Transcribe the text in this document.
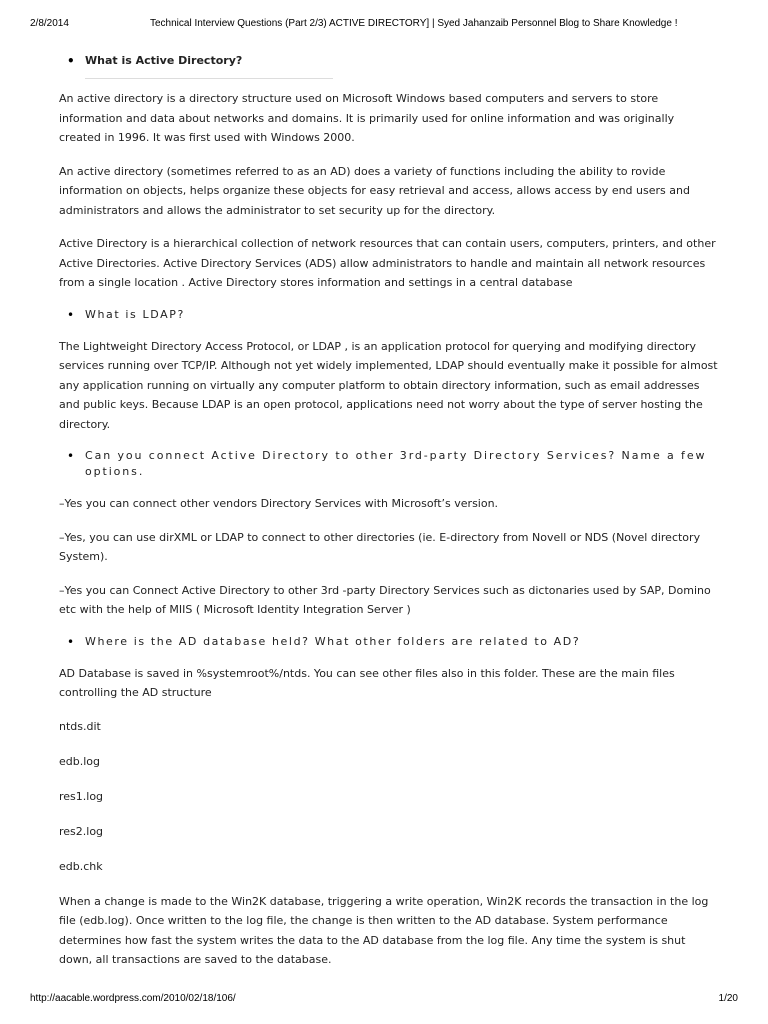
2/8/2014	Technical Interview Questions (Part 2/3) ACTIVE DIRECTORY] | Syed Jahanzaib Personnel Blog to Share Knowledge !
• What is Active Directory?

An active directory is a directory structure used on Microsoft Windows based computers and servers to store information and data about networks and domains. It is primarily used for online information and was originally created in 1996. It was first used with Windows 2000.

An active directory (sometimes referred to as an AD) does a variety of functions including the ability to rovide information on objects, helps organize these objects for easy retrieval and access, allows access by end users and administrators and allows the administrator to set security up for the directory.

Active Directory is a hierarchical collection of network resources that can contain users, computers, printers, and other Active Directories. Active Directory Services (ADS) allow administrators to handle and maintain all network resources from a single location . Active Directory stores information and settings in a central database

• What is LDAP?

The Lightweight Directory Access Protocol, or LDAP , is an application protocol for querying and modifying directory services running over TCP/IP. Although not yet widely implemented, LDAP should eventually make it possible for almost any application running on virtually any computer platform to obtain directory information, such as email addresses and public keys. Because LDAP is an open protocol, applications need not worry about the type of server hosting the directory.

• Can you connect Active Directory to other 3rd-party Directory Services? Name a few options.

–Yes you can connect other vendors Directory Services with Microsoft’s version.

–Yes, you can use dirXML or LDAP to connect to other directories (ie. E-directory from Novell or NDS (Novel directory System).

–Yes you can Connect Active Directory to other 3rd -party Directory Services such as dictonaries used by SAP, Domino etc with the help of MIIS ( Microsoft Identity Integration Server )

• Where is the AD database held? What other folders are related to AD?

AD Database is saved in %systemroot%/ntds. You can see other files also in this folder. These are the main files controlling the AD structure

ntds.dit

edb.log

res1.log

res2.log

edb.chk

When a change is made to the Win2K database, triggering a write operation, Win2K records the transaction in the log file (edb.log). Once written to the log file, the change is then written to the AD database. System performance determines how fast the system writes the data to the AD database from the log file. Any time the system is shut down, all transactions are saved to the database.

http://aacable.wordpress.com/2010/02/18/106/	1/20
